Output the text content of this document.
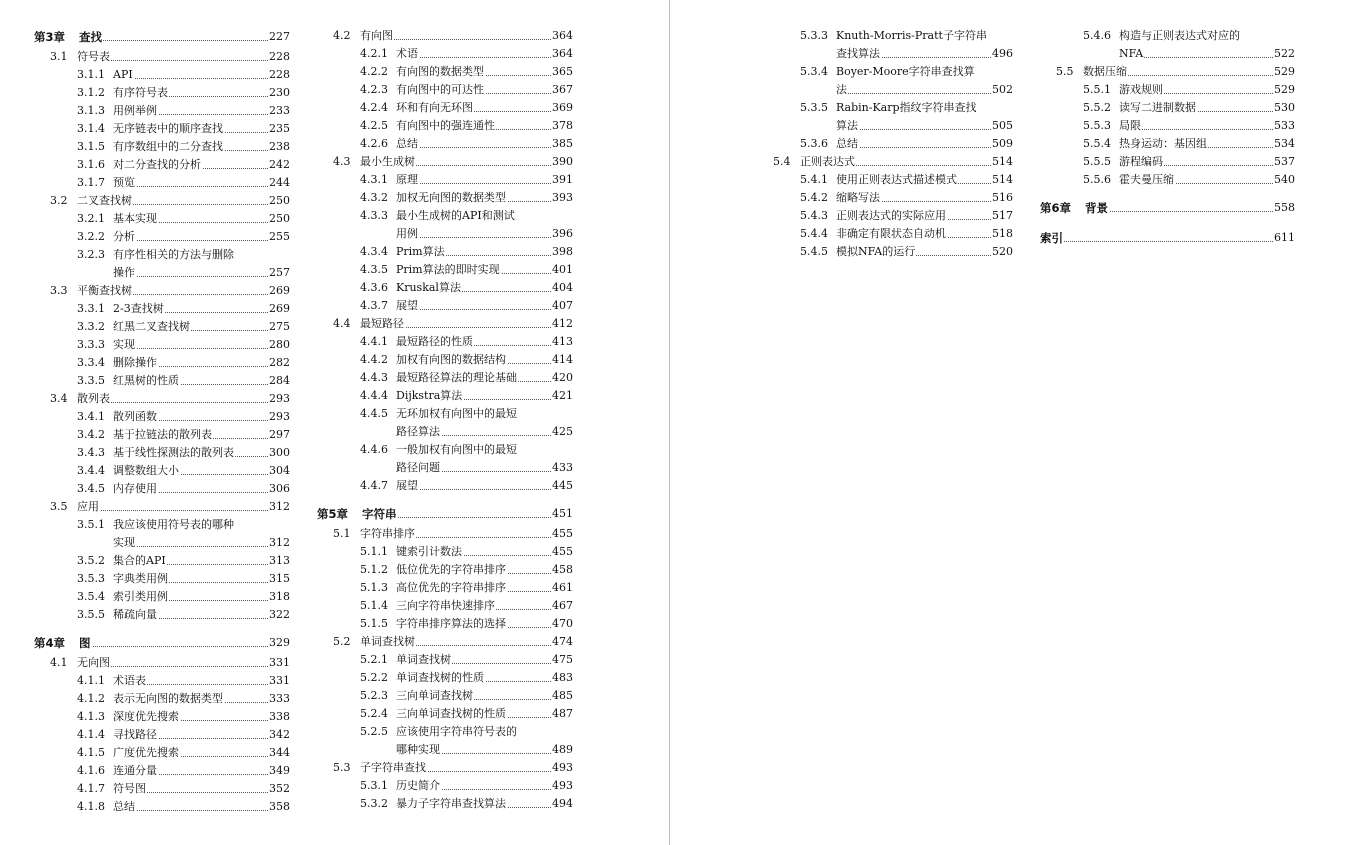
第3章 查找	227
3.1 符号表	228
3.1.1 API	228
3.1.2 有序符号表	230
3.1.3 用例举例	233
3.1.4 无序链表中的顺序查找	235
3.1.5 有序数组中的二分查找	238
3.1.6 对二分查找的分析	242
3.1.7 预览	244
3.2 二叉查找树	250
3.2.1 基本实现	250
3.2.2 分析	255
3.2.3 有序性相关的方法与删除
操作	257
3.3 平衡查找树	269
3.3.1 2-3查找树	269
3.3.2 红黑二叉查找树	275
3.3.3 实现	280
3.3.4 删除操作	282
3.3.5 红黑树的性质	284
3.4 散列表	293
3.4.1 散列函数	293
3.4.2 基于拉链法的散列表	297
3.4.3 基于线性探测法的散列表	300
3.4.4 调整数组大小	304
3.4.5 内存使用	306
3.5 应用	312
3.5.1 我应该使用符号表的哪种
实现	312
3.5.2 集合的API	313
3.5.3 字典类用例	315
3.5.4 索引类用例	318
3.5.5 稀疏向量	322
第4章 图	329
4.1 无向图	331
4.1.1 术语表	331
4.1.2 表示无向图的数据类型	333
4.1.3 深度优先搜索	338
4.1.4 寻找路径	342
4.1.5 广度优先搜索	344
4.1.6 连通分量	349
4.1.7 符号图	352
4.1.8 总结	358
4.2 有向图	364
4.2.1 术语	364
4.2.2 有向图的数据类型	365
4.2.3 有向图中的可达性	367
4.2.4 环和有向无环图	369
4.2.5 有向图中的强连通性	378
4.2.6 总结	385
4.3 最小生成树	390
4.3.1 原理	391
4.3.2 加权无向图的数据类型	393
4.3.3 最小生成树的API和测试
用例	396
4.3.4 Prim算法	398
4.3.5 Prim算法的即时实现	401
4.3.6 Kruskal算法	404
4.3.7 展望	407
4.4 最短路径	412
4.4.1 最短路径的性质	413
4.4.2 加权有向图的数据结构	414
4.4.3 最短路径算法的理论基础	420
4.4.4 Dijkstra算法	421
4.4.5 无环加权有向图中的最短
路径算法	425
4.4.6 一般加权有向图中的最短
路径问题	433
4.4.7 展望	445
第5章 字符串	451
5.1 字符串排序	455
5.1.1 键索引计数法	455
5.1.2 低位优先的字符串排序	458
5.1.3 高位优先的字符串排序	461
5.1.4 三向字符串快速排序	467
5.1.5 字符串排序算法的选择	470
5.2 单词查找树	474
5.2.1 单词查找树	475
5.2.2 单词查找树的性质	483
5.2.3 三向单词查找树	485
5.2.4 三向单词查找树的性质	487
5.2.5 应该使用字符串符号表的
哪种实现	489
5.3 子字符串查找	493
5.3.1 历史简介	493
5.3.2 暴力子字符串查找算法	494
5.3.3 Knuth-Morris-Pratt子字符串
查找算法	496
5.3.4 Boyer-Moore字符串查找算
法	502
5.3.5 Rabin-Karp指纹字符串查找
算法	505
5.3.6 总结	509
5.4 正则表达式	514
5.4.1 使用正则表达式描述模式	514
5.4.2 缩略写法	516
5.4.3 正则表达式的实际应用	517
5.4.4 非确定有限状态自动机	518
5.4.5 模拟NFA的运行	520
5.4.6 构造与正则表达式对应的
NFA	522
5.5 数据压缩	529
5.5.1 游戏规则	529
5.5.2 读写二进制数据	530
5.5.3 局限	533
5.5.4 热身运动：基因组	534
5.5.5 游程编码	537
5.5.6 霍夫曼压缩	540
第6章 背景	558
索引	611
